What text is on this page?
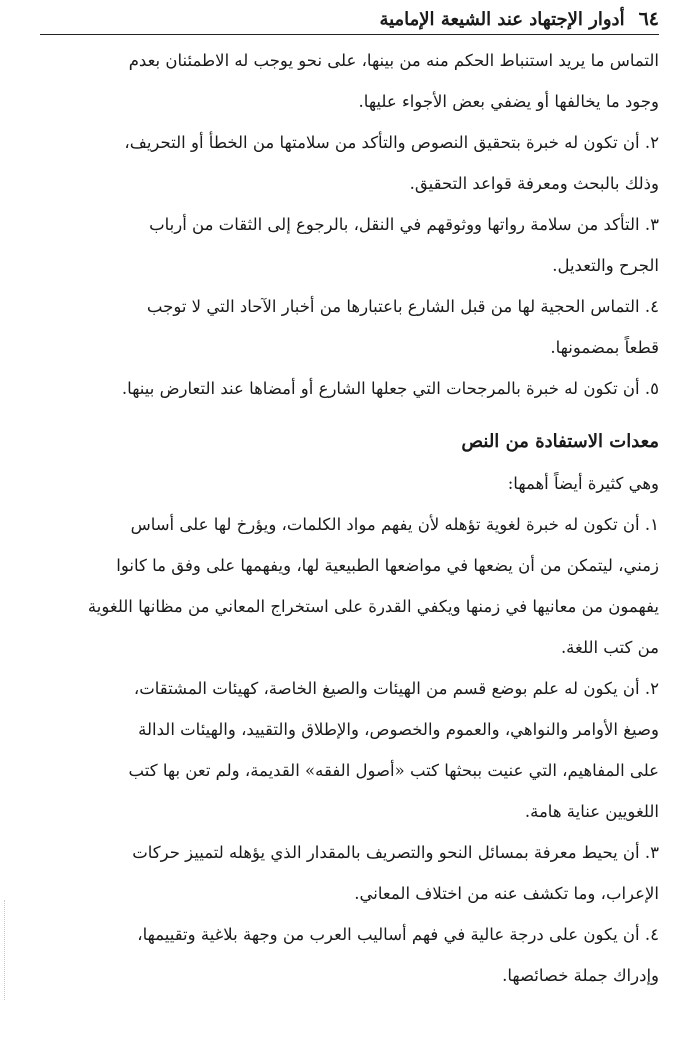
٦٤
أدوار الإجتهاد عند الشيعة الإمامية
التماس ما يريد استنباط الحكم منه من بينها، على نحو يوجب له الاطمئنان بعدم
وجود ما يخالفها أو يضفي بعض الأجواء عليها.
٢. أن تكون له خبرة بتحقيق النصوص والتأكد من سلامتها من الخطأ أو التحريف،
وذلك بالبحث ومعرفة قواعد التحقيق.
٣. التأكد من سلامة رواتها ووثوقهم في النقل، بالرجوع إلى الثقات من أرباب
الجرح والتعديل.
٤. التماس الحجية لها من قبل الشارع باعتبارها من أخبار الآحاد التي لا توجب
قطعاً بمضمونها.
٥. أن تكون له خبرة بالمرجحات التي جعلها الشارع أو أمضاها عند التعارض بينها.
معدات الاستفادة من النص
وهي كثيرة أيضاً أهمها:
١. أن تكون له خبرة لغوية تؤهله لأن يفهم مواد الكلمات، ويؤرخ لها على أساس
زمني، ليتمكن من أن يضعها في مواضعها الطبيعية لها، ويفهمها على وفق ما كانوا
يفهمون من معانيها في زمنها ويكفي القدرة على استخراج المعاني من مظانها اللغوية
من كتب اللغة.
٢. أن يكون له علم بوضع قسم من الهيئات والصيغ الخاصة، كهيئات المشتقات،
وصيغ الأوامر والنواهي، والعموم والخصوص، والإطلاق والتقييد، والهيئات الدالة
على المفاهيم، التي عنيت ببحثها كتب «أصول الفقه» القديمة، ولم تعن بها كتب
اللغويين عناية هامة.
٣. أن يحيط معرفة بمسائل النحو والتصريف بالمقدار الذي يؤهله لتمييز حركات
الإعراب، وما تكشف عنه من اختلاف المعاني.
٤. أن يكون على درجة عالية في فهم أساليب العرب من وجهة بلاغية وتقييمها،
وإدراك جملة خصائصها.
